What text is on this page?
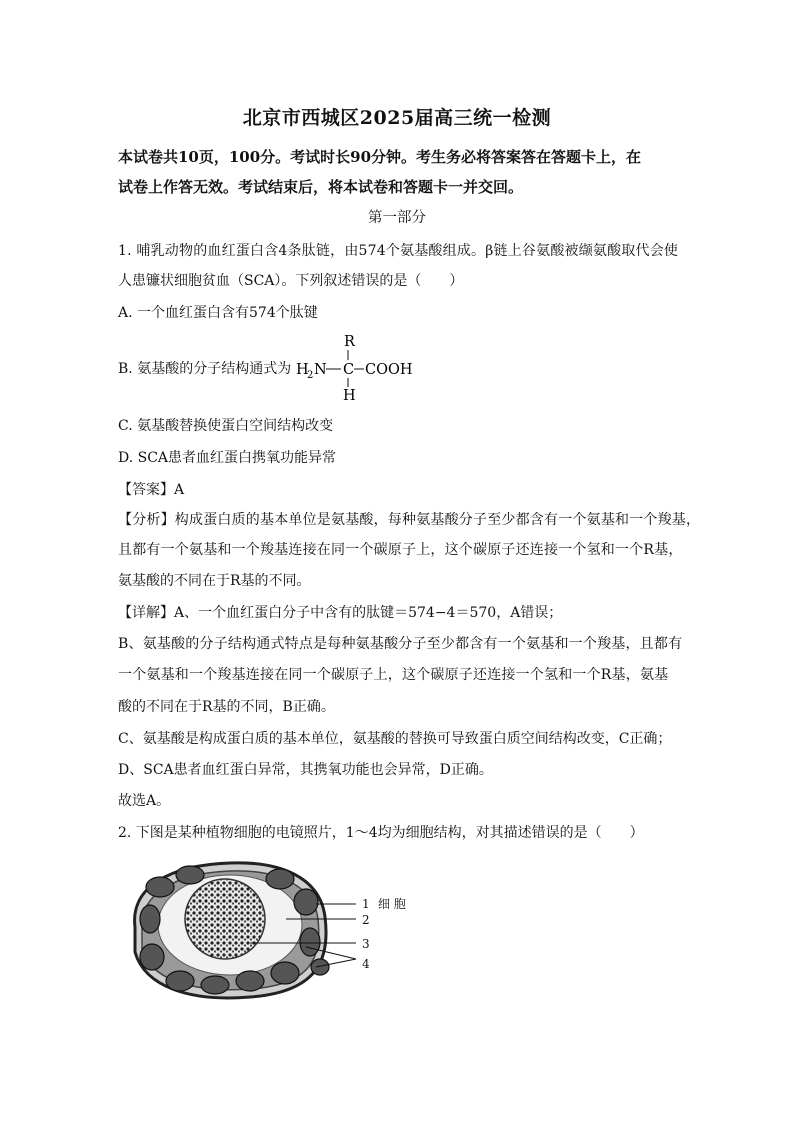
北京市西城区2025届高三统一检测
本试卷共10页，100分。考试时长90分钟。考生务必将答案答在答题卡上，在
试卷上作答无效。考试结束后，将本试卷和答题卡一并交回。
第一部分
1. 哺乳动物的血红蛋白含4条肽链，由574个氨基酸组成。β链上谷氨酸被缬氨酸取代会使
人患镰状细胞贫血（SCA）。下列叙述错误的是（　　）
A. 一个血红蛋白含有574个肽键
B. 氨基酸的分子结构通式为
R
H
2 N C COOH
H
C. 氨基酸替换使蛋白空间结构改变
D. SCA患者血红蛋白携氧功能异常
【答案】A
【分析】构成蛋白质的基本单位是氨基酸，每种氨基酸分子至少都含有一个氨基和一个羧基，
且都有一个氨基和一个羧基连接在同一个碳原子上，这个碳原子还连接一个氢和一个R基，
氨基酸的不同在于R基的不同。
【详解】A、一个血红蛋白分子中含有的肽键＝574−4＝570，A错误；
B、氨基酸的分子结构通式特点是每种氨基酸分子至少都含有一个氨基和一个羧基，且都有
一个氨基和一个羧基连接在同一个碳原子上，这个碳原子还连接一个氢和一个R基，氨基
酸的不同在于R基的不同，B正确。
C、氨基酸是构成蛋白质的基本单位，氨基酸的替换可导致蛋白质空间结构改变，C正确；
D、SCA患者血红蛋白异常，其携氧功能也会异常，D正确。
故选A。
2. 下图是某种植物细胞的电镜照片，1～4均为细胞结构，对其描述错误的是（　　）
1
2
3
4
细 胞
